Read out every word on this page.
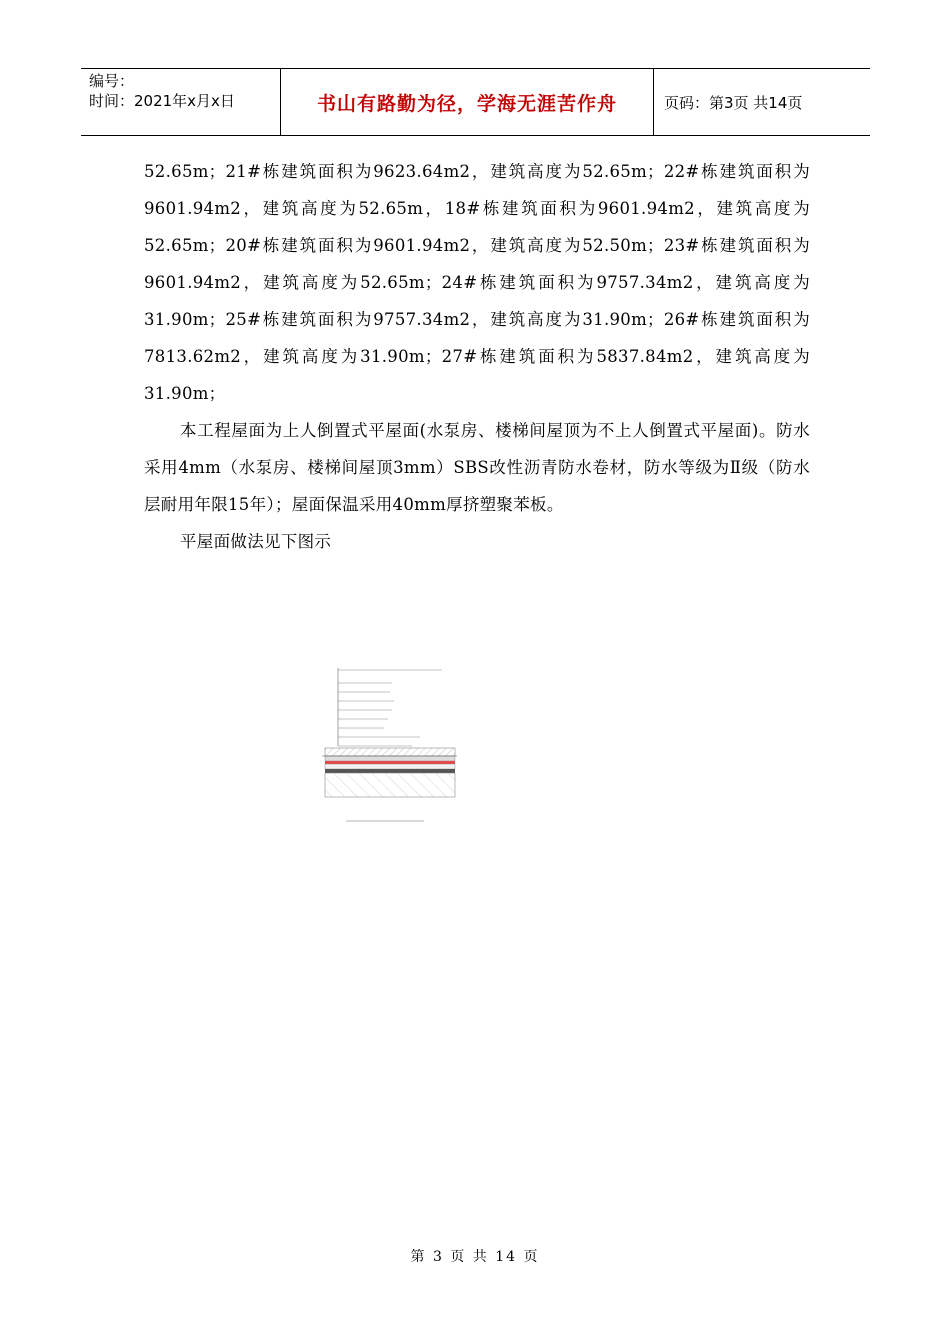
编号：
时间：2021年x月x日	书山有路勤为径，学海无涯苦作舟	页码：第3页 共14页

52.65m；21#栋建筑面积为9623.64m2，建筑高度为52.65m；22#栋建筑面积为9601.94m2，建筑高度为52.65m，18#栋建筑面积为9601.94m2，建筑高度为52.65m；20#栋建筑面积为9601.94m2，建筑高度为52.50m；23#栋建筑面积为9601.94m2，建筑高度为52.65m；24#栋建筑面积为9757.34m2，建筑高度为31.90m；25#栋建筑面积为9757.34m2，建筑高度为31.90m；26#栋建筑面积为7813.62m2，建筑高度为31.90m；27#栋建筑面积为5837.84m2，建筑高度为31.90m；

本工程屋面为上人倒置式平屋面(水泵房、楼梯间屋顶为不上人倒置式平屋面)。防水采用4mm（水泵房、楼梯间屋顶3mm）SBS改性沥青防水卷材，防水等级为Ⅱ级（防水层耐用年限15年）；屋面保温采用40mm厚挤塑聚苯板。

平屋面做法见下图示

第 3 页 共 14 页
